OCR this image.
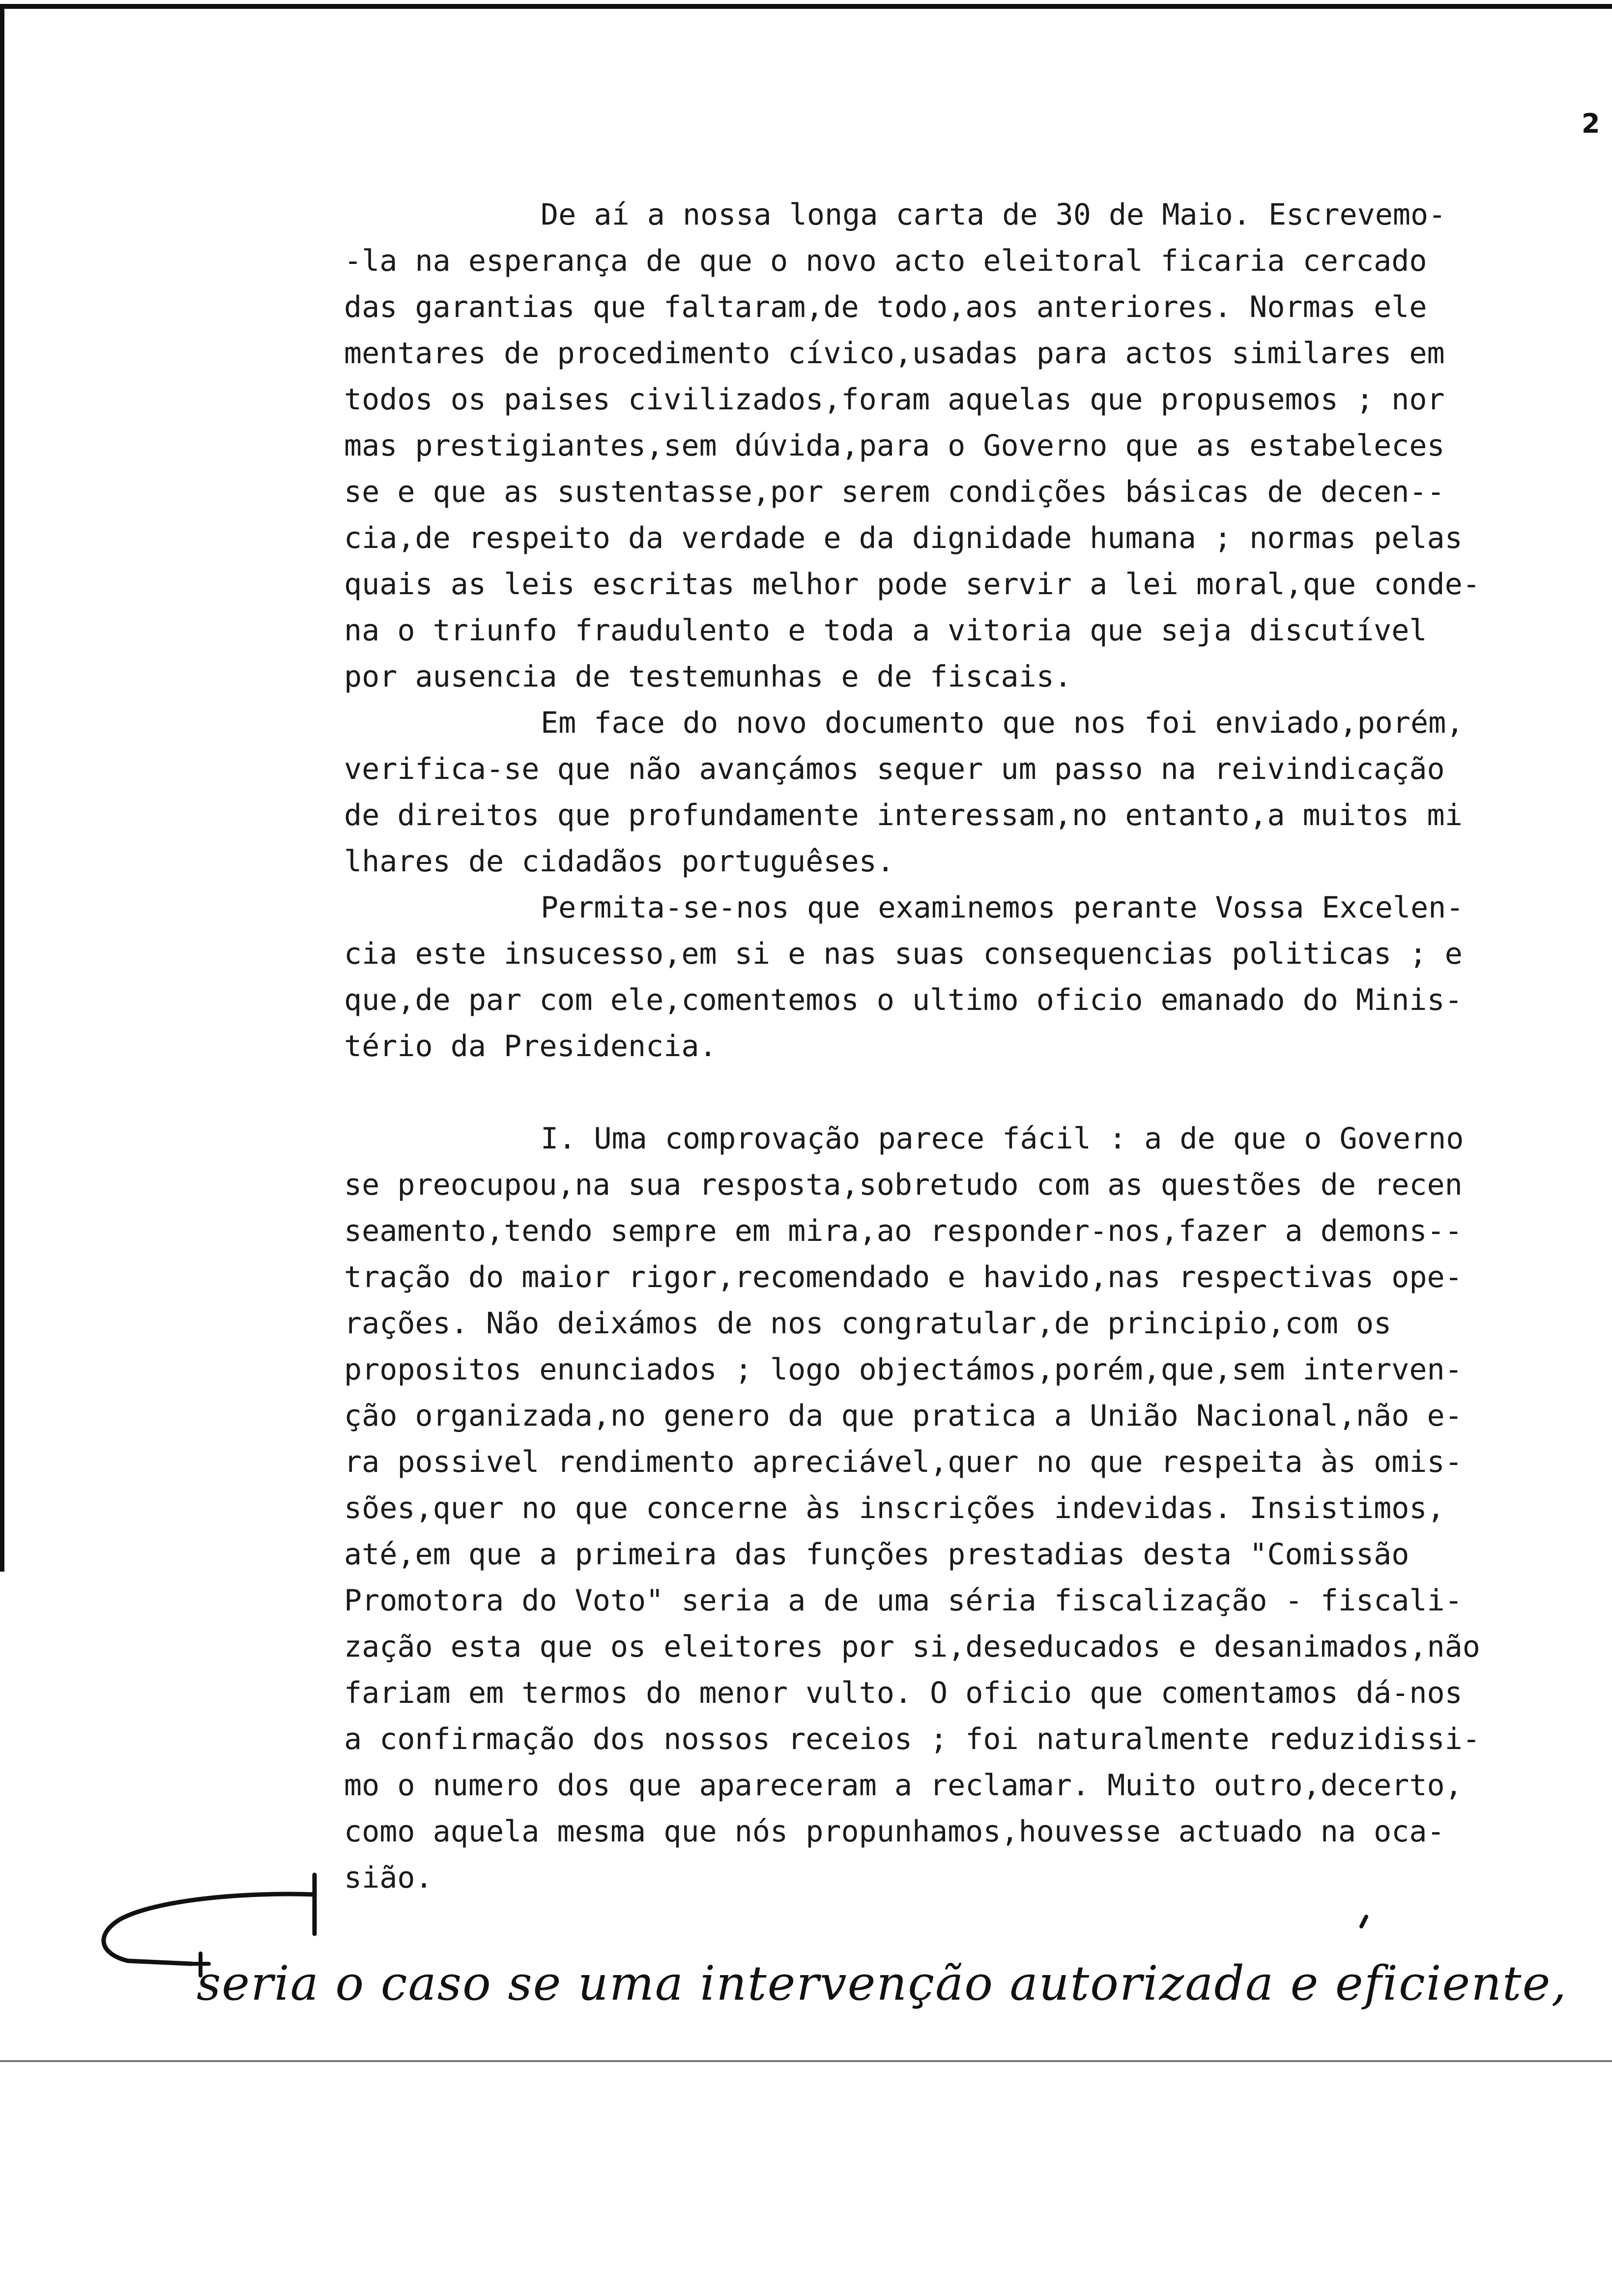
2
De aí a nossa longa carta de 30 de Maio. Escrevemo-
-la na esperança de que o novo acto eleitoral ficaria cercado
das garantias que faltaram,de todo,aos anteriores. Normas ele
mentares de procedimento cívico,usadas para actos similares em
todos os paises civilizados,foram aquelas que propusemos ; nor
mas prestigiantes,sem dúvida,para o Governo que as estabeleces
se e que as sustentasse,por serem condições básicas de decen--
cia,de respeito da verdade e da dignidade humana ; normas pelas
quais as leis escritas melhor pode servir a lei moral,que conde-
na o triunfo fraudulento e toda a vitoria que seja discutível
por ausencia de testemunhas e de fiscais.
Em face do novo documento que nos foi enviado,porém,
verifica-se que não avançámos sequer um passo na reivindicação
de direitos que profundamente interessam,no entanto,a muitos mi
lhares de cidadãos portuguêses.
Permita-se-nos que examinemos perante Vossa Excelen-
cia este insucesso,em si e nas suas consequencias politicas ; e
que,de par com ele,comentemos o ultimo oficio emanado do Minis-
tério da Presidencia.
I. Uma comprovação parece fácil : a de que o Governo
se preocupou,na sua resposta,sobretudo com as questões de recen
seamento,tendo sempre em mira,ao responder-nos,fazer a demons--
tração do maior rigor,recomendado e havido,nas respectivas ope-
rações. Não deixámos de nos congratular,de principio,com os
propositos enunciados ; logo objectámos,porém,que,sem interven-
ção organizada,no genero da que pratica a União Nacional,não e-
ra possivel rendimento apreciável,quer no que respeita às omis-
sões,quer no que concerne às inscrições indevidas. Insistimos,
até,em que a primeira das funções prestadias desta "Comissão
Promotora do Voto" seria a de uma séria fiscalização - fiscali-
zação esta que os eleitores por si,deseducados e desanimados,não
fariam em termos do menor vulto. O oficio que comentamos dá-nos
a confirmação dos nossos receios ; foi naturalmente reduzidissi-
mo o numero dos que apareceram a reclamar. Muito outro,decerto,
como aquela mesma que nós propunhamos,houvesse actuado na oca-
sião.
seria o caso se uma intervenção autorizada e eficiente,
